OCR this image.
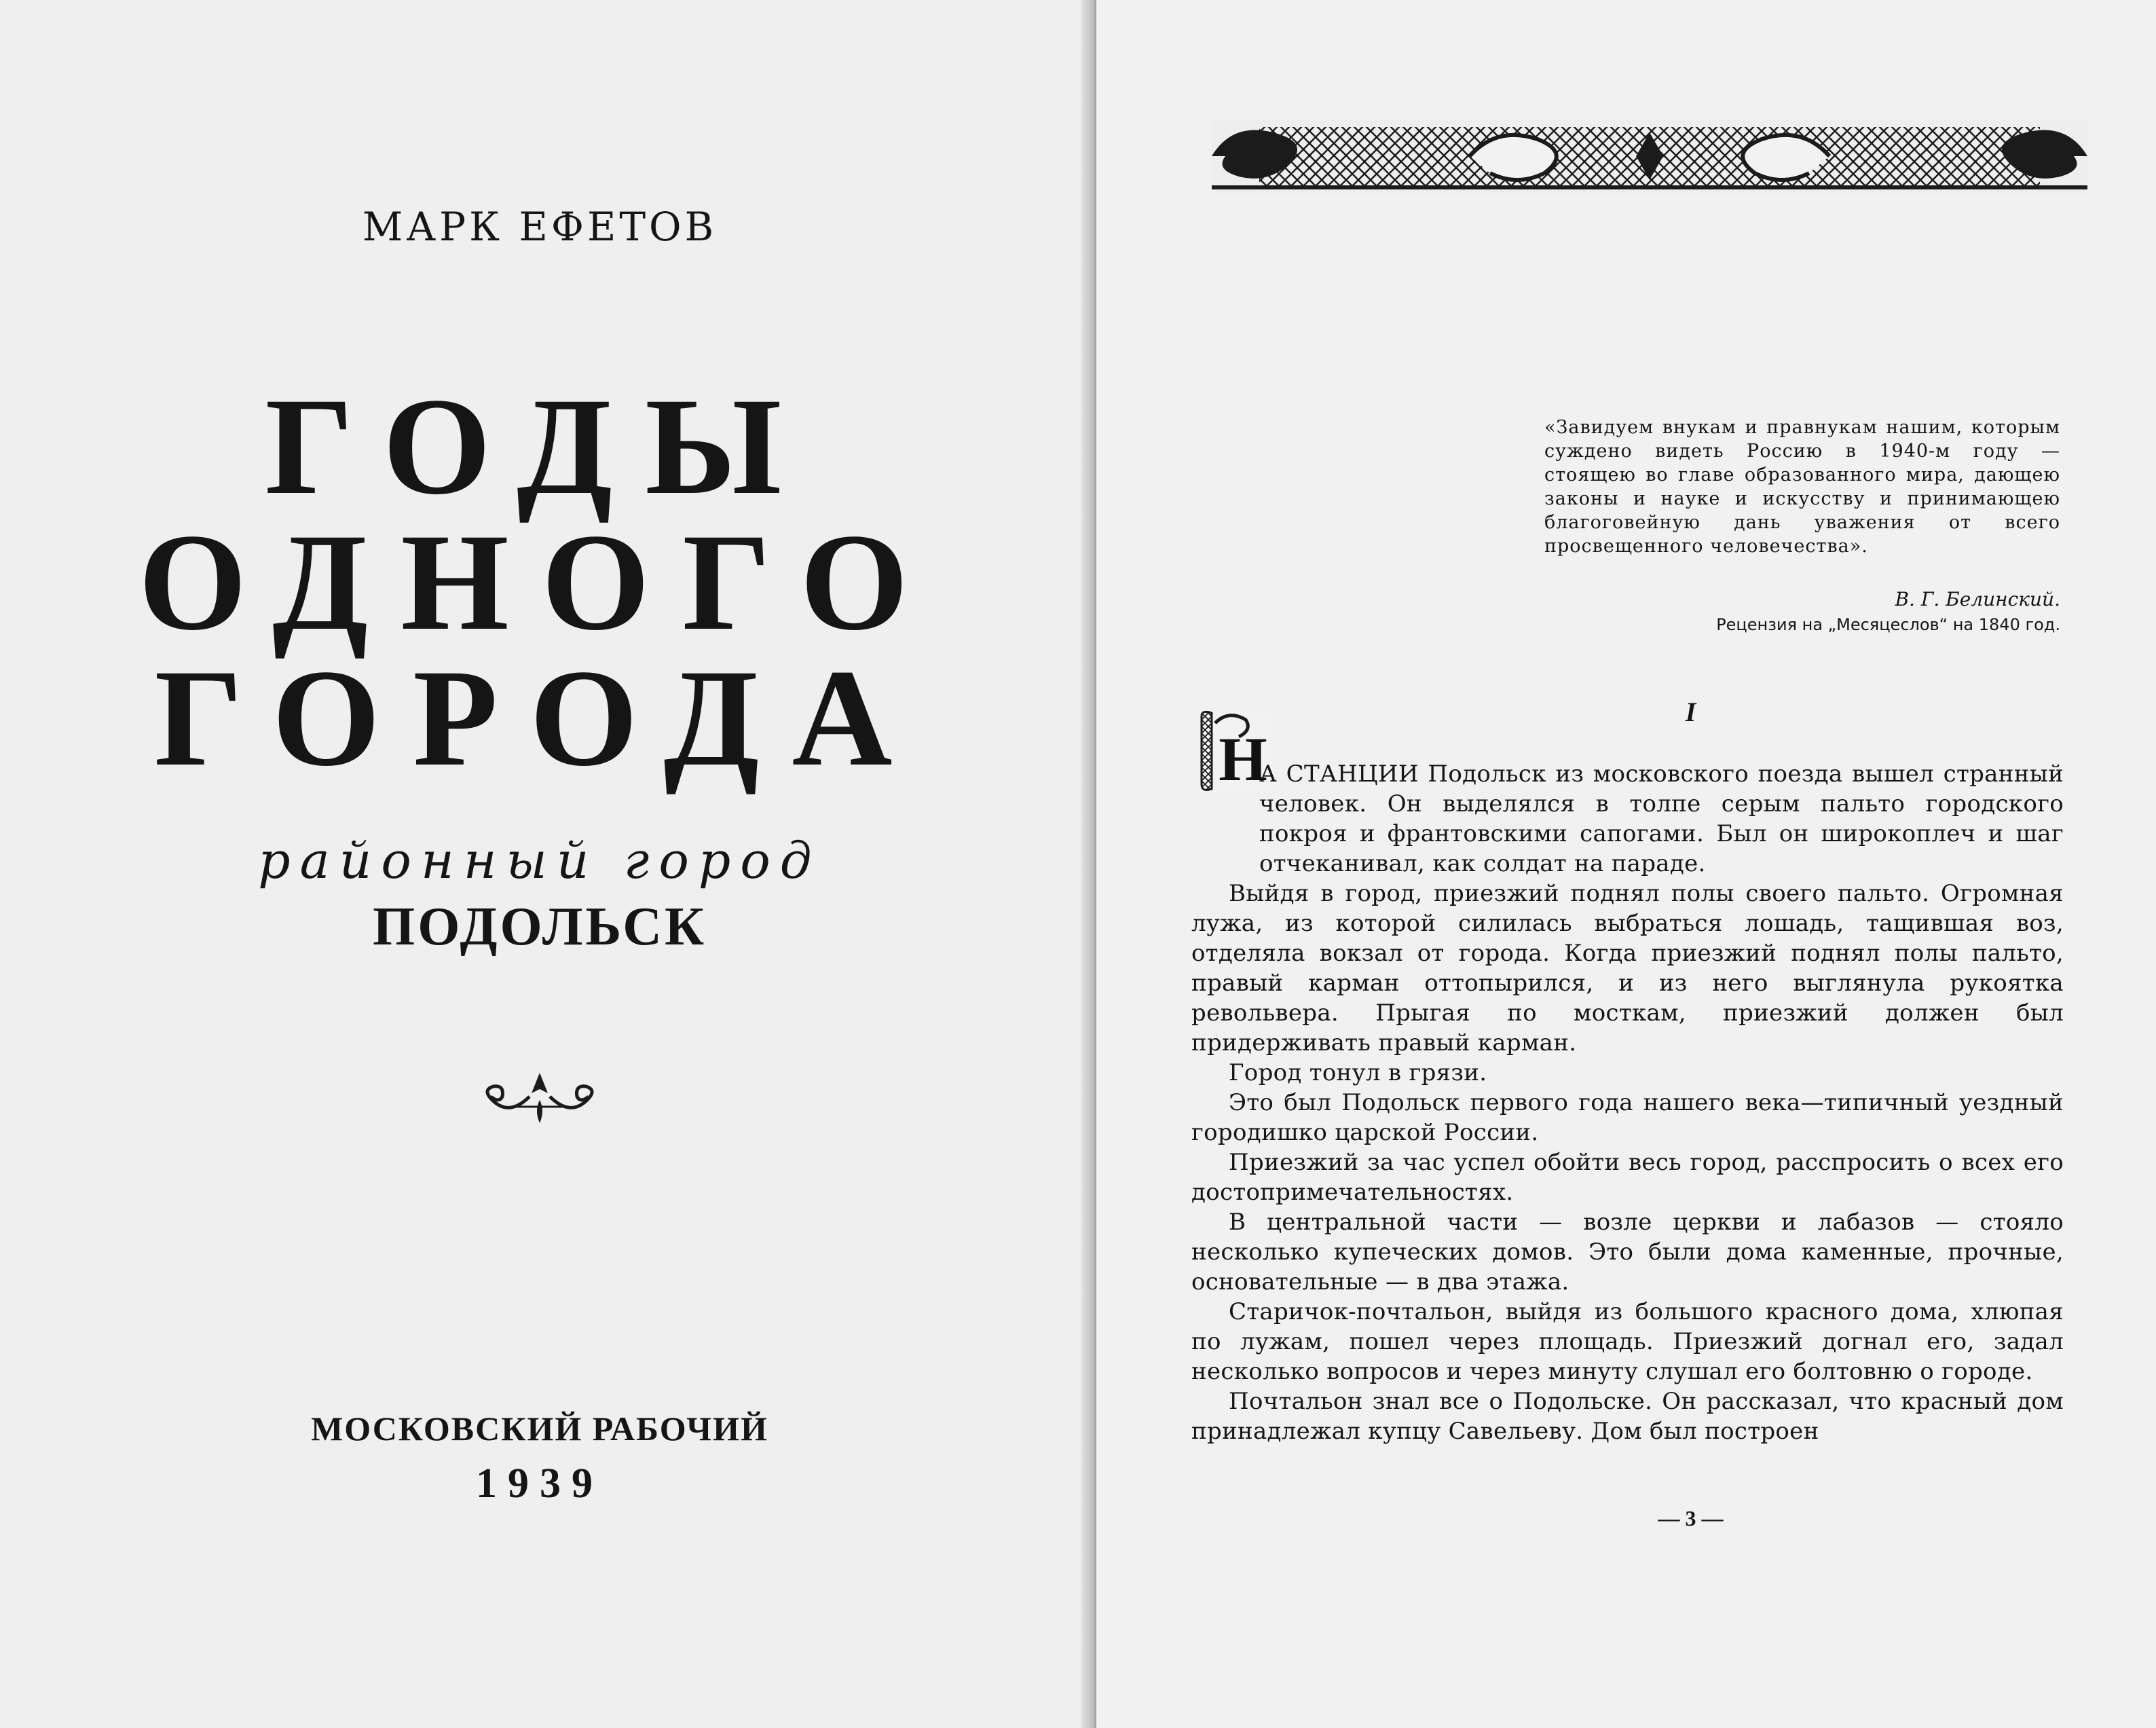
МАРК ЕФЕТОВ
ГОДЫ
ОДНОГО
ГОРОДА
районный город
ПОДОЛЬСК
МОСКОВСКИЙ РАБОЧИЙ
1939
«Завидуем внукам и правнукам нашим, которым суждено видеть Россию в 1940-м году — стоящею во главе образованного мира, дающею законы и науке и искусству и принимающею благоговейную дань уважения от всего просвещенного человечества».
В. Г. Белинский.
Рецензия на „Месяцеслов“ на 1840 год.
I
Н

А СТАНЦИИ Подольск из московского поезда вышел странный человек. Он выделялся в толпе серым пальто городского покроя и франтовскими сапогами. Был он широкоплеч и шаг отчеканивал, как солдат на параде.

Выйдя в город, приезжий поднял полы своего пальто. Огромная лужа, из которой силилась выбраться лошадь, тащившая воз, отделяла вокзал от города. Когда приезжий поднял полы пальто, правый карман оттопырился, и из него выглянула рукоятка револьвера. Прыгая по мосткам, приезжий должен был придерживать правый карман.

Город тонул в грязи.

Это был Подольск первого года нашего века—типичный уездный городишко царской России.

Приезжий за час успел обойти весь город, расспросить о всех его достопримечательностях.

В центральной части — возле церкви и лабазов — стояло несколько купеческих домов. Это были дома каменные, прочные, основательные — в два этажа.

Старичок-почтальон, выйдя из большого красного дома, хлюпая по лужам, пошел через площадь. Приезжий догнал его, задал несколько вопросов и через минуту слушал его болтовню о городе.

Почтальон знал все о Подольске. Он рассказал, что красный дом принадлежал купцу Савельеву. Дом был построен

— 3 —
